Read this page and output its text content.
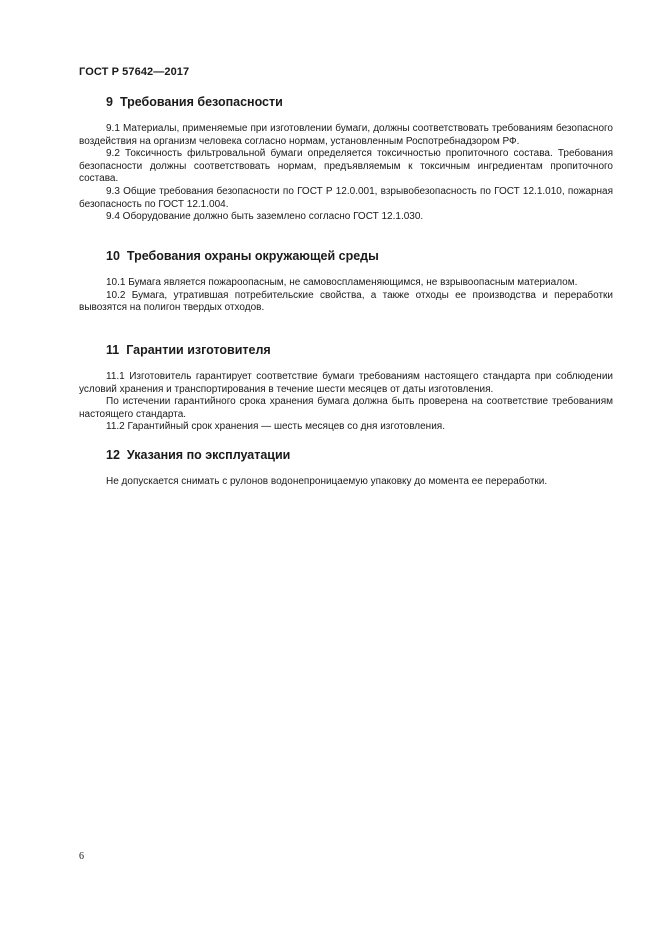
ГОСТ Р 57642—2017
9 Требования безопасности

9.1 Материалы, применяемые при изготовлении бумаги, должны соответствовать требованиям безопасного воздействия на организм человека согласно нормам, установленным Роспотребнадзором РФ.

9.2 Токсичность фильтровальной бумаги определяется токсичностью пропиточного состава. Требования безопасности должны соответствовать нормам, предъявляемым к токсичным ингредиентам пропиточного состава.

9.3 Общие требования безопасности по ГОСТ Р 12.0.001, взрывобезопасность по ГОСТ 12.1.010, пожарная безопасность по ГОСТ 12.1.004.

9.4 Оборудование должно быть заземлено согласно ГОСТ 12.1.030.

10 Требования охраны окружающей среды

10.1 Бумага является пожароопасным, не самовоспламеняющимся, не взрывоопасным материалом.

10.2 Бумага, утратившая потребительские свойства, а также отходы ее производства и переработки вывозятся на полигон твердых отходов.

11 Гарантии изготовителя

11.1 Изготовитель гарантирует соответствие бумаги требованиям настоящего стандарта при соблюдении условий хранения и транспортирования в течение шести месяцев от даты изготовления.

По истечении гарантийного срока хранения бумага должна быть проверена на соответствие требованиям настоящего стандарта.

11.2 Гарантийный срок хранения — шесть месяцев со дня изготовления.

12 Указания по эксплуатации

Не допускается снимать с рулонов водонепроницаемую упаковку до момента ее переработки.

6
